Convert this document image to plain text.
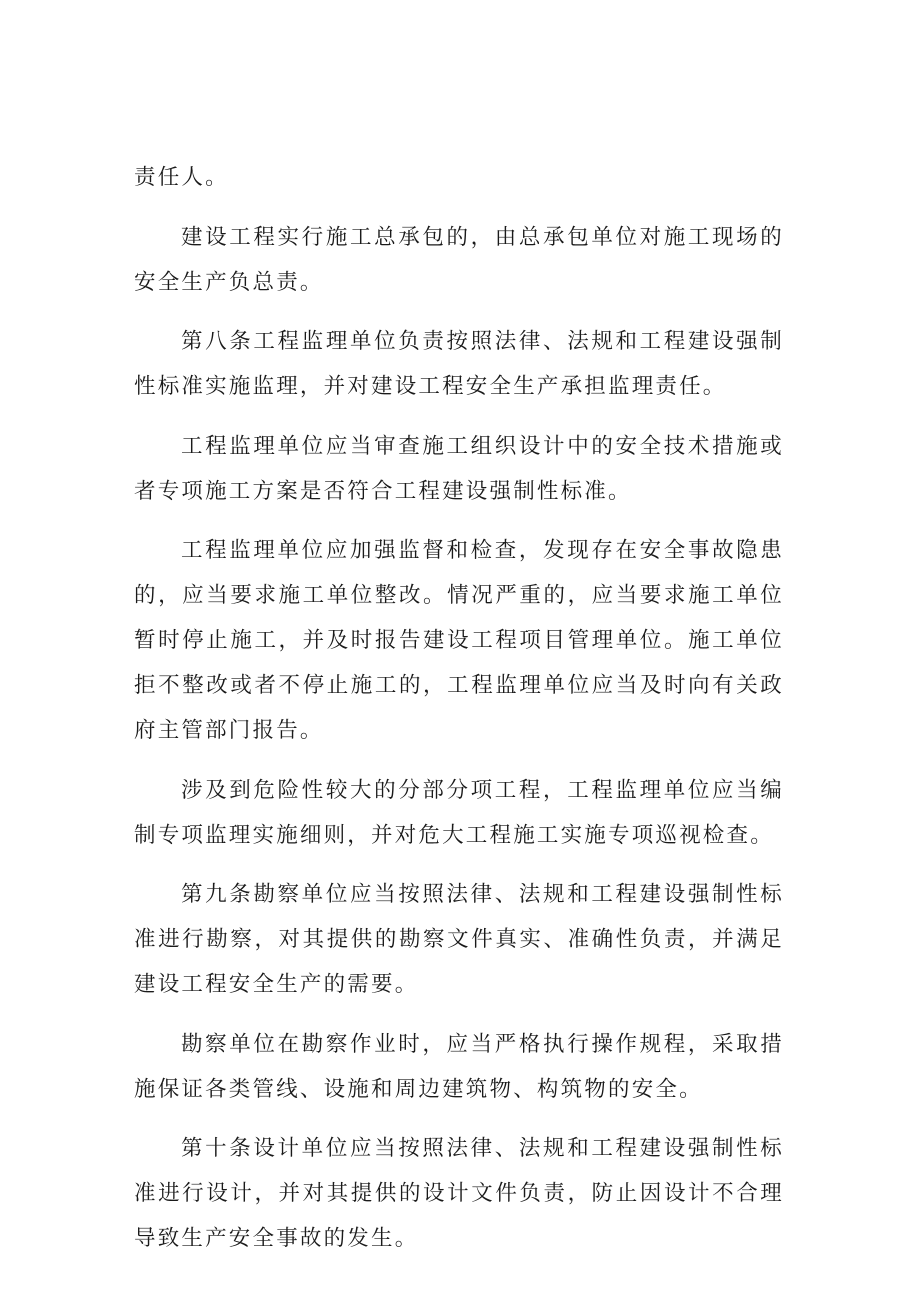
责任人。

建设工程实行施工总承包的，由总承包单位对施工现场的安全生产负总责。

第八条工程监理单位负责按照法律、法规和工程建设强制性标准实施监理，并对建设工程安全生产承担监理责任。

工程监理单位应当审查施工组织设计中的安全技术措施或者专项施工方案是否符合工程建设强制性标准。

工程监理单位应加强监督和检查，发现存在安全事故隐患的，应当要求施工单位整改。情况严重的，应当要求施工单位暂时停止施工，并及时报告建设工程项目管理单位。施工单位拒不整改或者不停止施工的，工程监理单位应当及时向有关政府主管部门报告。

涉及到危险性较大的分部分项工程，工程监理单位应当编制专项监理实施细则，并对危大工程施工实施专项巡视检查。

第九条勘察单位应当按照法律、法规和工程建设强制性标准进行勘察，对其提供的勘察文件真实、准确性负责，并满足建设工程安全生产的需要。

勘察单位在勘察作业时，应当严格执行操作规程，采取措施保证各类管线、设施和周边建筑物、构筑物的安全。

第十条设计单位应当按照法律、法规和工程建设强制性标准进行设计，并对其提供的设计文件负责，防止因设计不合理导致生产安全事故的发生。
